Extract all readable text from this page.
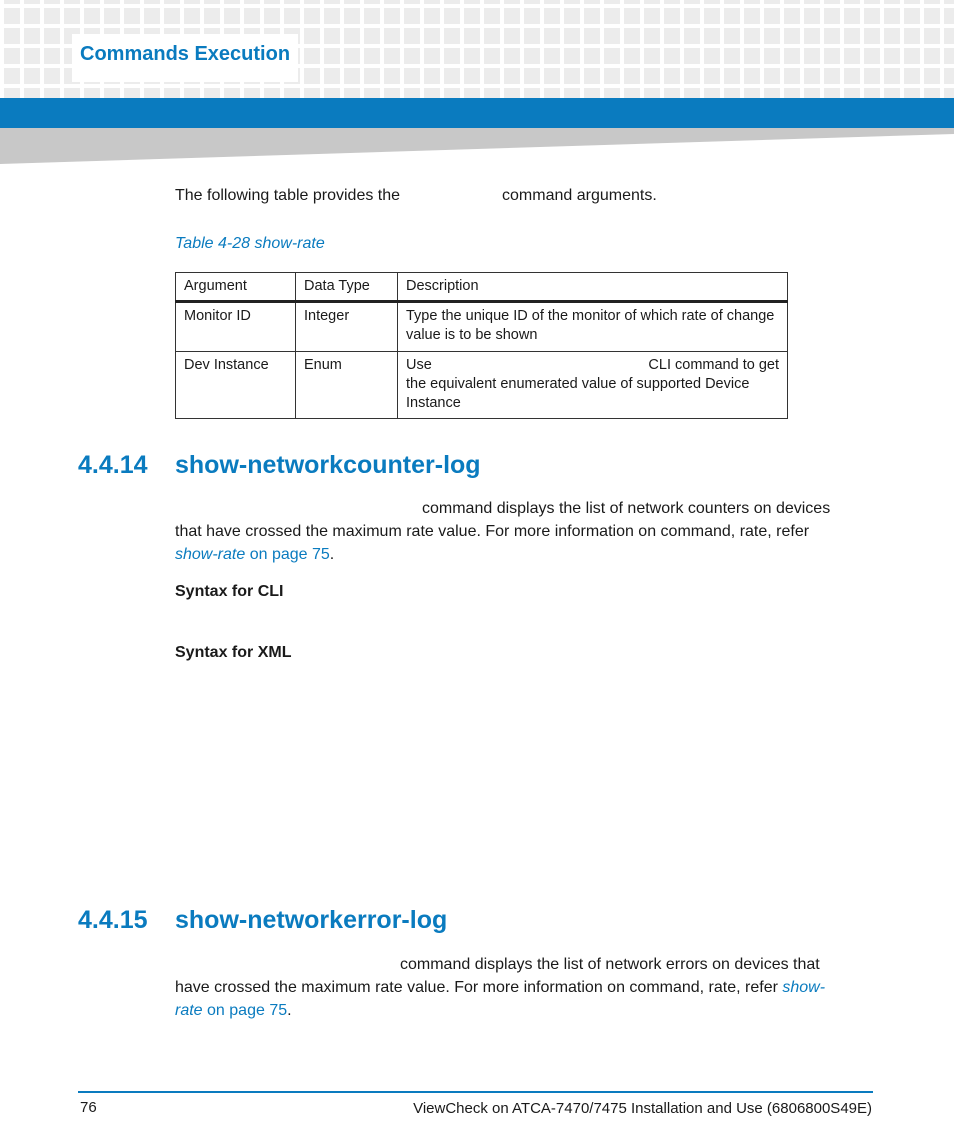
Commands Execution
The following table provides the	command arguments.
Table 4-28 show-rate
Argument	Data Type	Description
Monitor ID	Integer	Type the unique ID of the monitor of which rate of change value is to be shown
Dev Instance	Enum	Use CLI command to get
the equivalent enumerated value of supported Device Instance
4.4.14 show-networkcounter-log
command displays the list of network counters on devices
that have crossed the maximum rate value. For more information on command, rate, refer
show-rate on page 75.
Syntax for CLI
Syntax for XML
4.4.15 show-networkerror-log
command displays the list of network errors on devices that
have crossed the maximum rate value. For more information on command, rate, refer show-
rate on page 75.
76	ViewCheck on ATCA-7470/7475 Installation and Use (6806800S49E)
